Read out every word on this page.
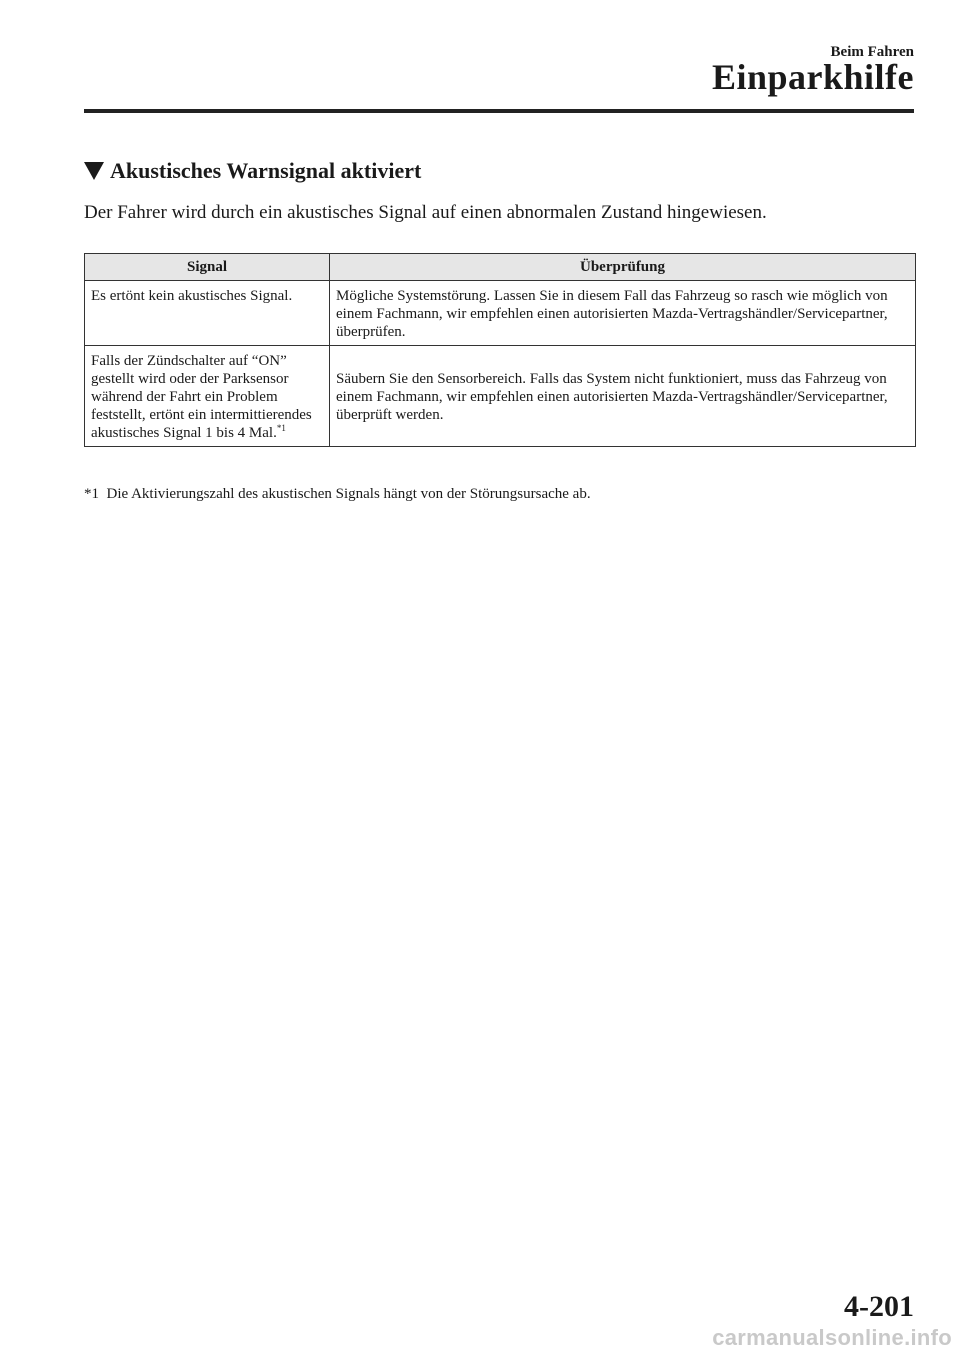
Beim Fahren
Einparkhilfe
Akustisches Warnsignal aktiviert
Der Fahrer wird durch ein akustisches Signal auf einen abnormalen Zustand hingewiesen.
Signal	Überprüfung
Es ertönt kein akustisches Signal.	Mögliche Systemstörung. Lassen Sie in diesem Fall das Fahrzeug so rasch wie möglich von einem Fachmann, wir empfehlen einen autorisierten Mazda-Vertragshändler/Servicepartner, überprüfen.
Falls der Zündschalter auf “ON” gestellt wird oder der Parksensor während der Fahrt ein Problem feststellt, ertönt ein intermittierendes akustisches Signal 1 bis 4 Mal.$^{*1}$	Säubern Sie den Sensorbereich. Falls das System nicht funktioniert, muss das Fahrzeug von einem Fachmann, wir empfehlen einen autorisierten Mazda-Vertragshändler/Servicepartner, überprüft werden.
*1 Die Aktivierungszahl des akustischen Signals hängt von der Störungsursache ab.
4-201
carmanualsonline.info
